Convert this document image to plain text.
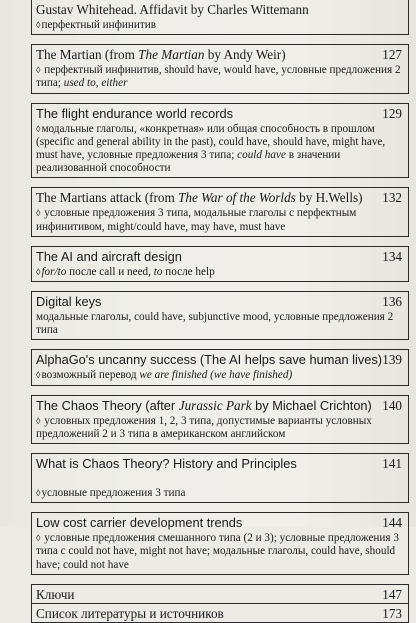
Gustav Whitehead. Affidavit by Charles Wittemann
◊перфектный инфинитив
The Martian (from The Martian by Andy Weir)	127
◊ перфектный инфинитив, should have, would have, условные предложения 2 типа; used to, either
The flight endurance world records	129
◊модальные глаголы, «конкретная» или общая способность в прошлом (specific and general ability in the past), could have, should have, might have, must have, условные предложения 3 типа; could have в значении реализованной способности
The Martians attack (from The War of the Worlds by H.Wells)	132
◊ условные предложения 3 типа, модальные глаголы с перфектным инфинитивом, might/could have, may have, must have
The AI and aircraft design	134
◊for/to после call и need, to после help
Digital keys	136
модальные глаголы, could have, subjunctive mood, условные предложения 2 типа
AlphaGo's uncanny success (The AI helps save human lives) 139
◊возможный перевод we are finished (we have finished)
The Chaos Theory (after Jurassic Park by Michael Crichton) 140
◊ условных предложения 1, 2, 3 типа, допустимые варианты условных предложений 2 и 3 типа в американском английском
What is Chaos Theory? History and Principles	141
◊условные предложения 3 типа
Low cost carrier development trends	144
◊ условные предложения смешанного типа (2 и 3); условные предложения 3 типа с could not have, might not have; модальные глаголы, could have, should have; could not have
Ключи	147
Список литературы и источников	173
